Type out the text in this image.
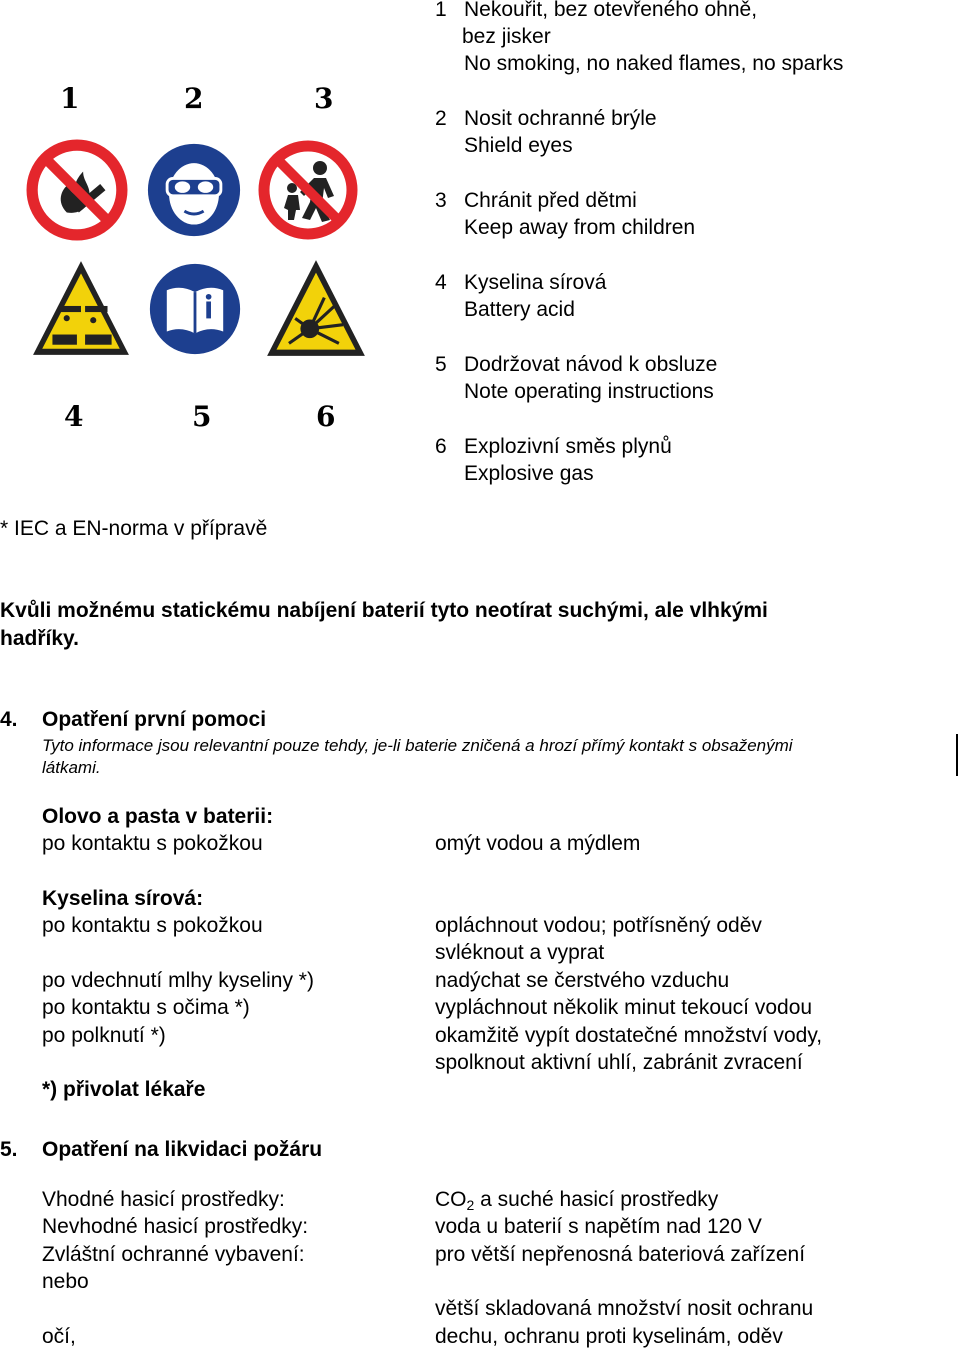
1	2	3
4	5	6
1 Nekouřit, bez otevřeného ohně,
bez jisker
No smoking, no naked flames, no sparks
2 Nosit ochranné brýle
Shield eyes
3 Chránit před dětmi
Keep away from children
4 Kyselina sírová
Battery acid
5 Dodržovat návod k obsluze
Note operating instructions
6 Explozivní směs plynů
Explosive gas
* IEC a EN-norma v přípravě
Kvůli možnému statickému nabíjení baterií tyto neotírat suchými, ale vlhkými
hadříky.
4. Opatření první pomoci
Tyto informace jsou relevantní pouze tehdy, je-li baterie zničená a hrozí přímý kontakt s obsaženými
látkami.
Olovo a pasta v baterii:
po kontaktu s pokožkou	omýt vodou a mýdlem
Kyselina sírová:
po kontaktu s pokožkou	opláchnout vodou; potřísněný oděv
svléknout a vyprat
po vdechnutí mlhy kyseliny *)	nadýchat se čerstvého vzduchu
po kontaktu s očima *)	vypláchnout několik minut tekoucí vodou
po polknutí *)	okamžitě vypít dostatečné množství vody,
spolknout aktivní uhlí, zabránit zvracení
*) přivolat lékaře
5. Opatření na likvidaci požáru
Vhodné hasicí prostředky:	$CO_2$ a suché hasicí prostředky
Nevhodné hasicí prostředky:	voda u baterií s napětím nad 120 V
Zvláštní ochranné vybavení:	pro větší nepřenosná bateriová zařízení
nebo
větší skladovaná množství nosit ochranu
očí,	dechu, ochranu proti kyselinám, oděv
